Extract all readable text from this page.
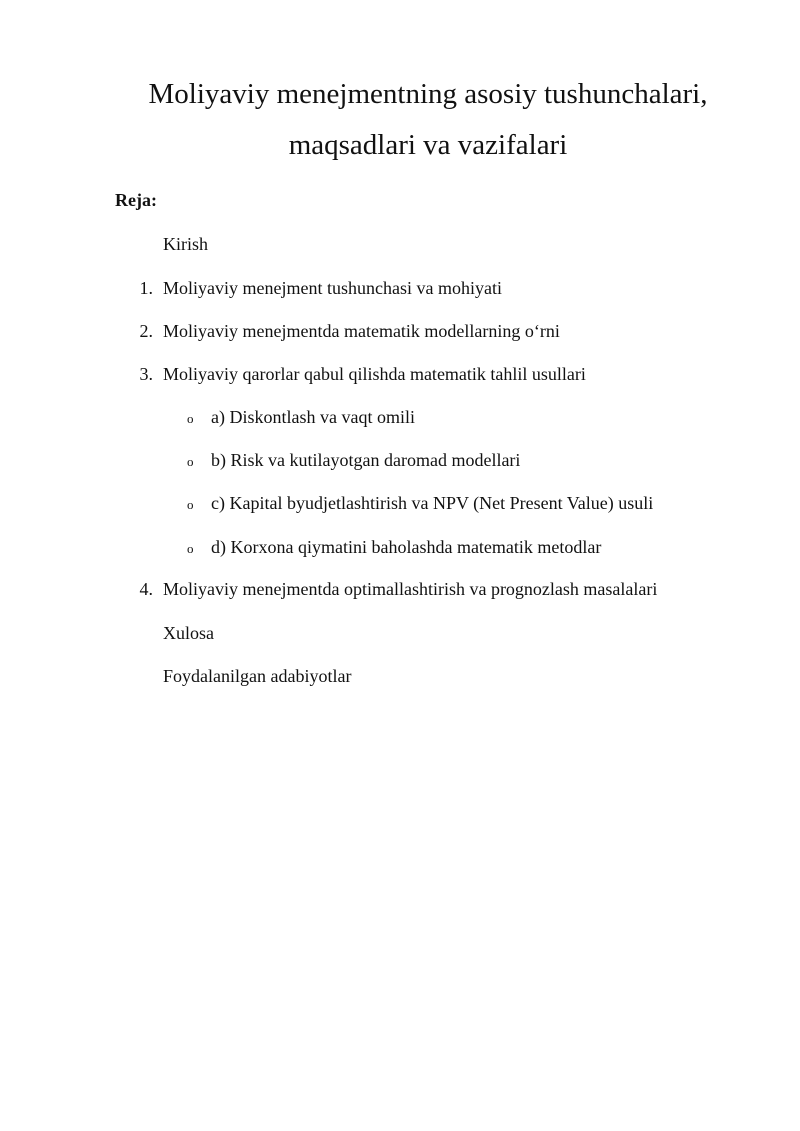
Moliyaviy menejmentning asosiy tushunchalari,
maqsadlari va vazifalari
Reja:
Kirish
1. Moliyaviy menejment tushunchasi va mohiyati
2. Moliyaviy menejmentda matematik modellarning o‘rni
3. Moliyaviy qarorlar qabul qilishda matematik tahlil usullari
o a) Diskontlash va vaqt omili
o b) Risk va kutilayotgan daromad modellari
o c) Kapital byudjetlashtirish va NPV (Net Present Value) usuli
o d) Korxona qiymatini baholashda matematik metodlar
4. Moliyaviy menejmentda optimallashtirish va prognozlash masalalari
Xulosa
Foydalanilgan adabiyotlar
